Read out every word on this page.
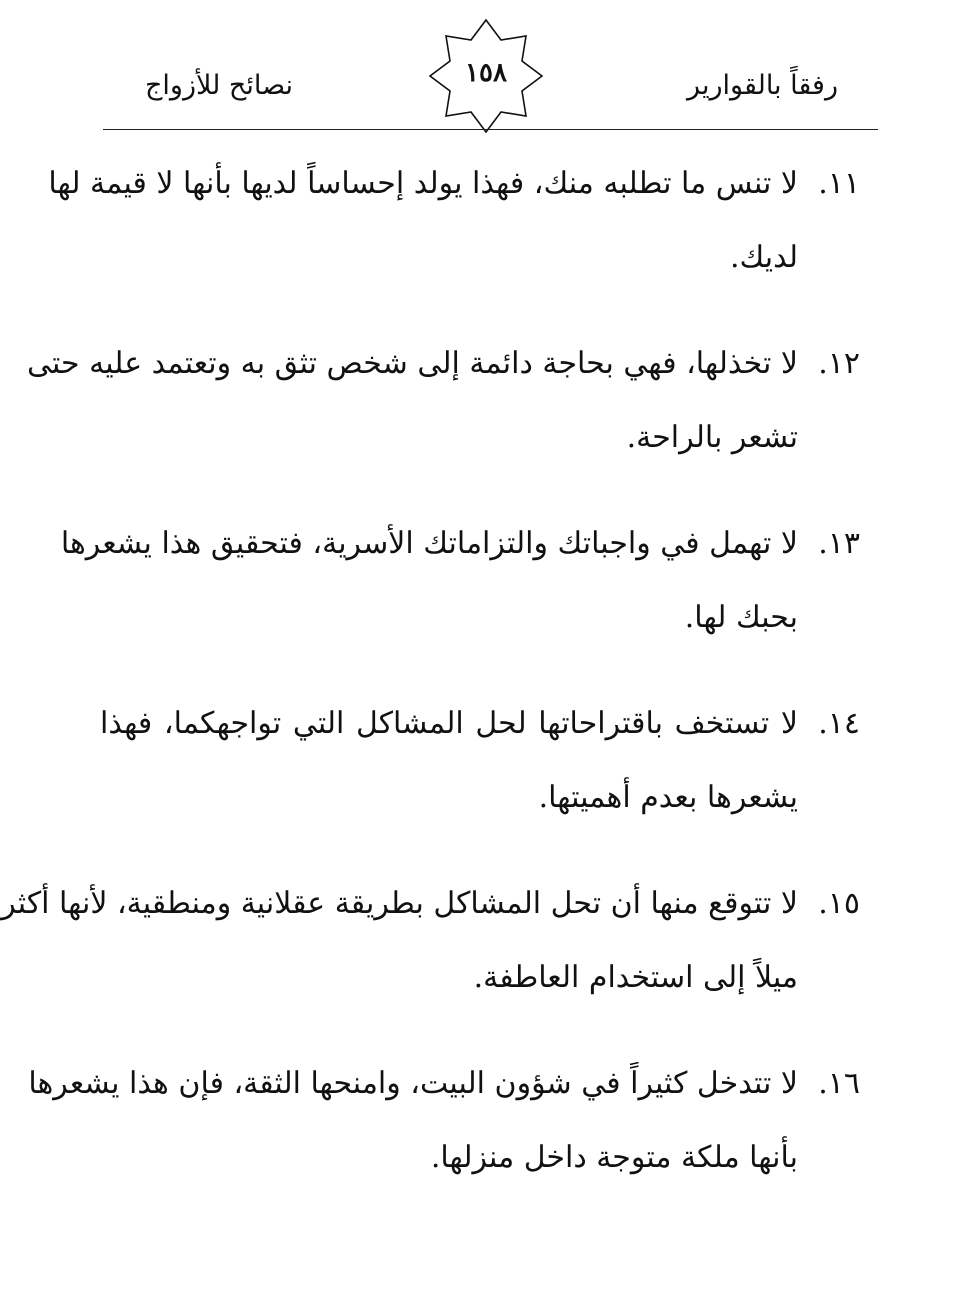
رفقاً بالقوارير
١٥٨
نصائح للأزواج
١١.
لا تنس ما تطلبه منك، فهذا يولد إحساساً لديها بأنها لا قيمة لها
لديك.
١٢.
لا تخذلها، فهي بحاجة دائمة إلى شخص تثق به وتعتمد عليه حتى
تشعر بالراحة.
١٣.
لا تهمل في واجباتك والتزاماتك الأسرية، فتحقيق هذا يشعرها
بحبك لها.
١٤.
لا تستخف باقتراحاتها لحل المشاكل التي تواجهكما، فهذا
يشعرها بعدم أهميتها.
١٥.
لا تتوقع منها أن تحل المشاكل بطريقة عقلانية ومنطقية، لأنها أكثر
ميلاً إلى استخدام العاطفة.
١٦.
لا تتدخل كثيراً في شؤون البيت، وامنحها الثقة، فإن هذا يشعرها
بأنها ملكة متوجة داخل منزلها.
